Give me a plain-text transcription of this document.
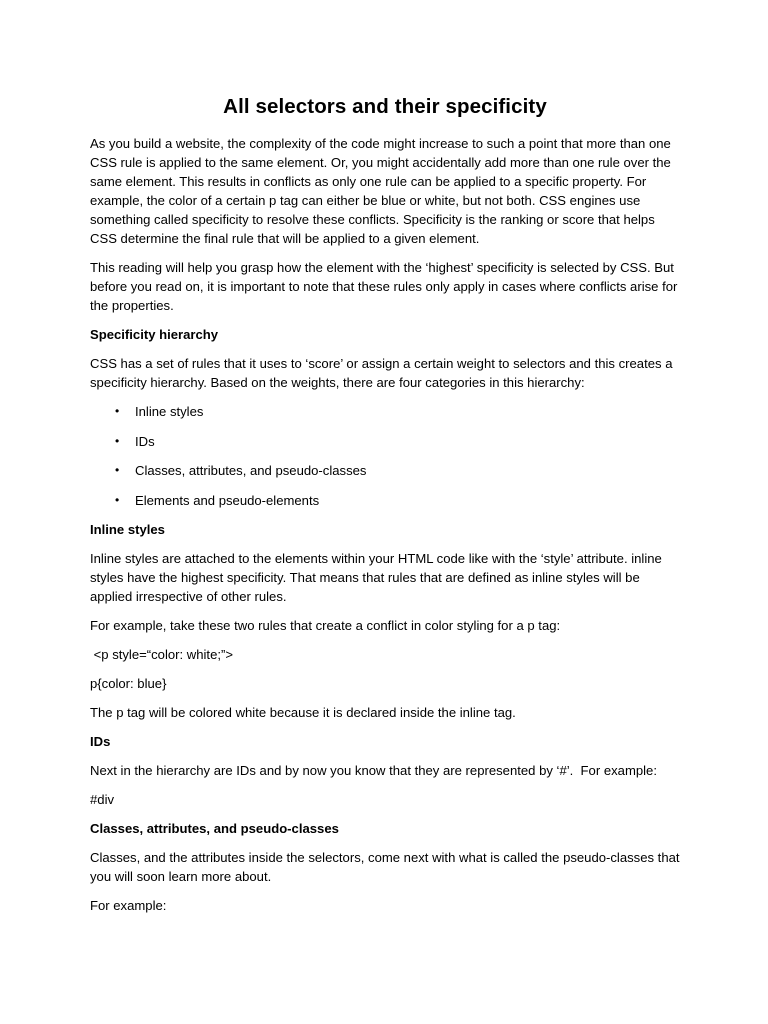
All selectors and their specificity

As you build a website, the complexity of the code might increase to such a point that more than one CSS rule is applied to the same element. Or, you might accidentally add more than one rule over the same element. This results in conflicts as only one rule can be applied to a specific property. For example, the color of a certain p tag can either be blue or white, but not both. CSS engines use something called specificity to resolve these conflicts. Specificity is the ranking or score that helps CSS determine the final rule that will be applied to a given element.

This reading will help you grasp how the element with the ‘highest’ specificity is selected by CSS. But before you read on, it is important to note that these rules only apply in cases where conflicts arise for the properties.

Specificity hierarchy

CSS has a set of rules that it uses to ‘score’ or assign a certain weight to selectors and this creates a specificity hierarchy. Based on the weights, there are four categories in this hierarchy:

• Inline styles
• IDs
• Classes, attributes, and pseudo-classes
• Elements and pseudo-elements

Inline styles

Inline styles are attached to the elements within your HTML code like with the ‘style’ attribute. inline styles have the highest specificity. That means that rules that are defined as inline styles will be applied irrespective of other rules.

For example, take these two rules that create a conflict in color styling for a p tag:

<p style=“color: white;”>

p{color: blue}

The p tag will be colored white because it is declared inside the inline tag.

IDs

Next in the hierarchy are IDs and by now you know that they are represented by ‘#’.  For example:

#div

Classes, attributes, and pseudo-classes

Classes, and the attributes inside the selectors, come next with what is called the pseudo-classes that you will soon learn more about.

For example:
